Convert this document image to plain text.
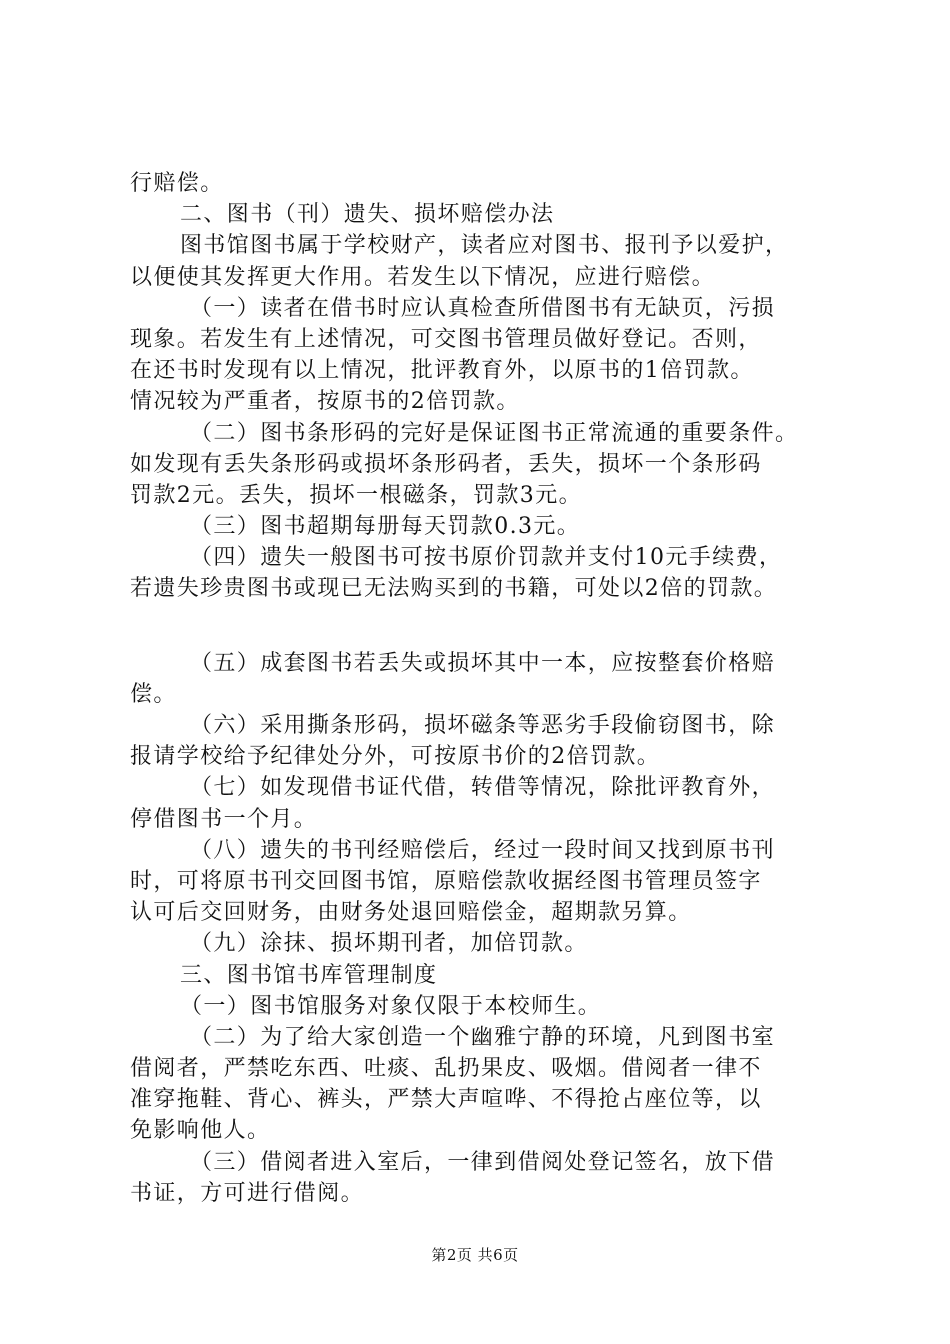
行赔偿。
二、图书（刊）遗失、损坏赔偿办法
图书馆图书属于学校财产，读者应对图书、报刊予以爱护，
以便使其发挥更大作用。若发生以下情况，应进行赔偿。
（一）读者在借书时应认真检查所借图书有无缺页，污损
现象。若发生有上述情况，可交图书管理员做好登记。否则，
在还书时发现有以上情况，批评教育外，以原书的1倍罚款。
情况较为严重者，按原书的2倍罚款。
（二）图书条形码的完好是保证图书正常流通的重要条件。
如发现有丢失条形码或损坏条形码者，丢失，损坏一个条形码
罚款2元。丢失，损坏一根磁条，罚款3元。
（三）图书超期每册每天罚款0.3元。
（四）遗失一般图书可按书原价罚款并支付10元手续费，
若遗失珍贵图书或现已无法购买到的书籍，可处以2倍的罚款。
（五）成套图书若丢失或损坏其中一本，应按整套价格赔
偿。
（六）采用撕条形码，损坏磁条等恶劣手段偷窃图书，除
报请学校给予纪律处分外，可按原书价的2倍罚款。
（七）如发现借书证代借，转借等情况，除批评教育外，
停借图书一个月。
（八）遗失的书刊经赔偿后，经过一段时间又找到原书刊
时，可将原书刊交回图书馆，原赔偿款收据经图书管理员签字
认可后交回财务，由财务处退回赔偿金，超期款另算。
（九）涂抹、损坏期刊者，加倍罚款。
三、图书馆书库管理制度
（一）图书馆服务对象仅限于本校师生。
（二）为了给大家创造一个幽雅宁静的环境，凡到图书室
借阅者，严禁吃东西、吐痰、乱扔果皮、吸烟。借阅者一律不
准穿拖鞋、背心、裤头，严禁大声喧哗、不得抢占座位等，以
免影响他人。
（三）借阅者进入室后，一律到借阅处登记签名，放下借
书证，方可进行借阅。
第2页 共6页
